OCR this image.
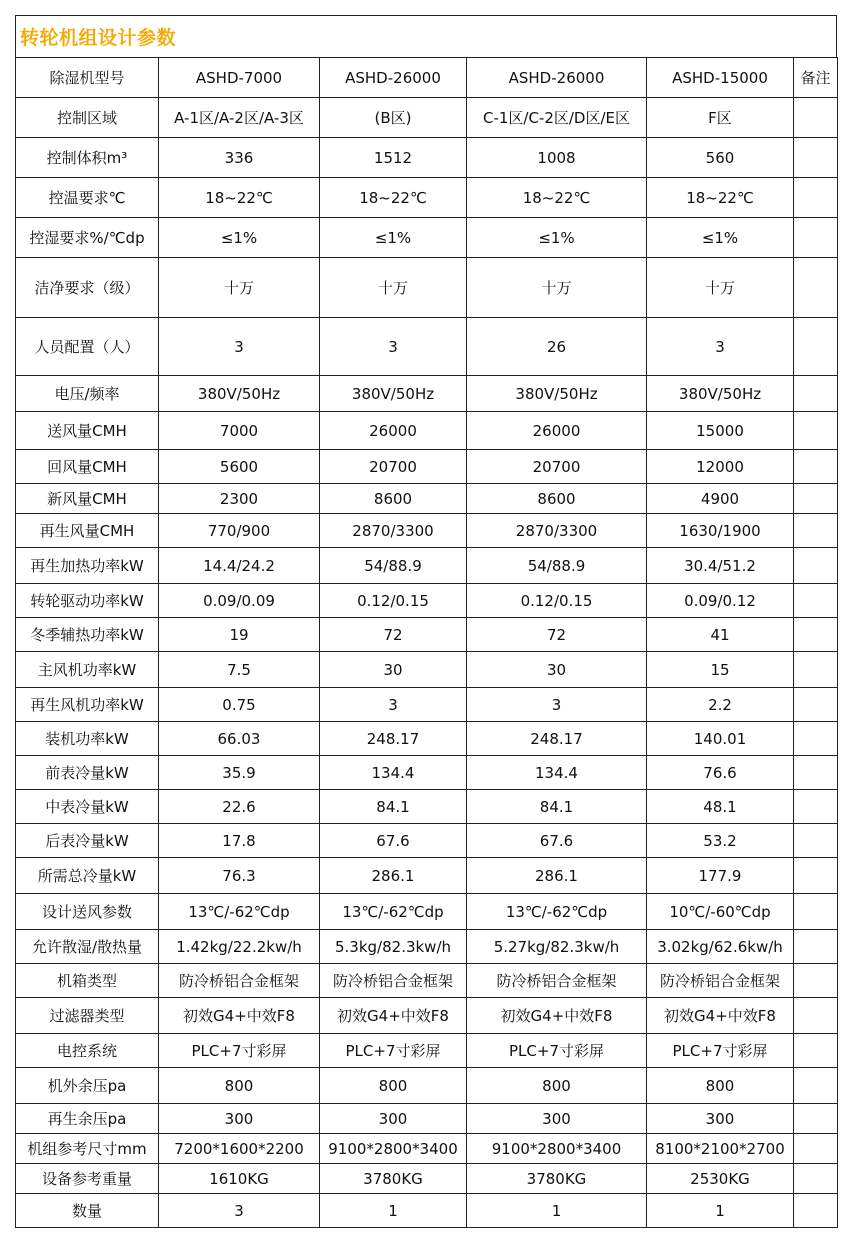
转轮机组设计参数
除湿机型号	ASHD-7000	ASHD-26000	ASHD-26000	ASHD-15000	备注
控制区域	A-1区/A-2区/A-3区	(B区)	C-1区/C-2区/D区/E区	F区	
控制体积m³	336	1512	1008	560	
控温要求℃	18~22℃	18~22℃	18~22℃	18~22℃	
控湿要求%/℃dp	≤1%	≤1%	≤1%	≤1%	
洁净要求（级）	十万	十万	十万	十万	
人员配置（人）	3	3	26	3	
电压/频率	380V/50Hz	380V/50Hz	380V/50Hz	380V/50Hz	
送风量CMH	7000	26000	26000	15000	
回风量CMH	5600	20700	20700	12000	
新风量CMH	2300	8600	8600	4900	
再生风量CMH	770/900	2870/3300	2870/3300	1630/1900	
再生加热功率kW	14.4/24.2	54/88.9	54/88.9	30.4/51.2	
转轮驱动功率kW	0.09/0.09	0.12/0.15	0.12/0.15	0.09/0.12	
冬季辅热功率kW	19	72	72	41	
主风机功率kW	7.5	30	30	15	
再生风机功率kW	0.75	3	3	2.2	
装机功率kW	66.03	248.17	248.17	140.01	
前表冷量kW	35.9	134.4	134.4	76.6	
中表冷量kW	22.6	84.1	84.1	48.1	
后表冷量kW	17.8	67.6	67.6	53.2	
所需总冷量kW	76.3	286.1	286.1	177.9	
设计送风参数	13℃/-62℃dp	13℃/-62℃dp	13℃/-62℃dp	10℃/-60℃dp	
允许散湿/散热量	1.42kg/22.2kw/h	5.3kg/82.3kw/h	5.27kg/82.3kw/h	3.02kg/62.6kw/h	
机箱类型	防冷桥铝合金框架	防冷桥铝合金框架	防冷桥铝合金框架	防冷桥铝合金框架	
过滤器类型	初效G4+中效F8	初效G4+中效F8	初效G4+中效F8	初效G4+中效F8	
电控系统	PLC+7寸彩屏	PLC+7寸彩屏	PLC+7寸彩屏	PLC+7寸彩屏	
机外余压pa	800	800	800	800	
再生余压pa	300	300	300	300	
机组参考尺寸mm	7200*1600*2200	9100*2800*3400	9100*2800*3400	8100*2100*2700	
设备参考重量	1610KG	3780KG	3780KG	2530KG	
数量	3	1	1	1	
